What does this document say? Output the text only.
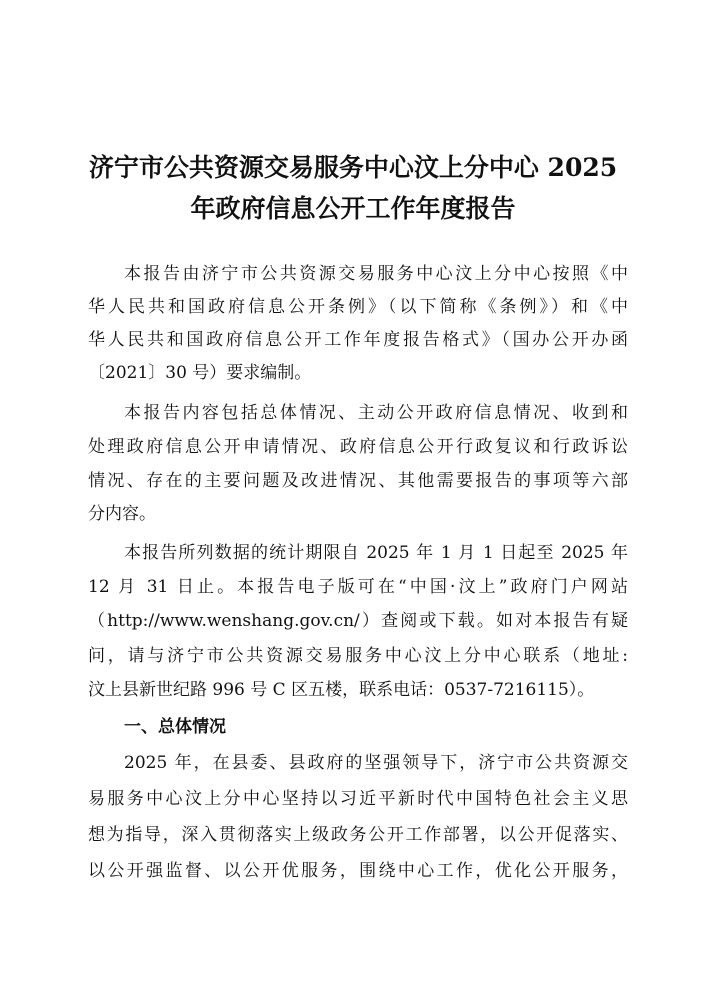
济宁市公共资源交易服务中心汶上分中心 2025
年政府信息公开工作年度报告
本报告由济宁市公共资源交易服务中心汶上分中心按照《中
华人民共和国政府信息公开条例》（以下简称《条例》）和《中
华人民共和国政府信息公开工作年度报告格式》（国办公开办函
〔2021〕30 号）要求编制。
本报告内容包括总体情况、主动公开政府信息情况、收到和
处理政府信息公开申请情况、政府信息公开行政复议和行政诉讼
情况、存在的主要问题及改进情况、其他需要报告的事项等六部
分内容。
本报告所列数据的统计期限自 2025 年 1 月 1 日起至 2025 年
12 月 31 日止。本报告电子版可在“中国·汶上”政府门户网站
（http://www.wenshang.gov.cn/）查阅或下载。如对本报告有疑
问，请与济宁市公共资源交易服务中心汶上分中心联系（地址:
汶上县新世纪路 996 号 C 区五楼，联系电话：0537-7216115）。
一、总体情况
2025 年，在县委、县政府的坚强领导下，济宁市公共资源交
易服务中心汶上分中心坚持以习近平新时代中国特色社会主义思
想为指导，深入贯彻落实上级政务公开工作部署，以公开促落实、
以公开强监督、以公开优服务，围绕中心工作，优化公开服务，
